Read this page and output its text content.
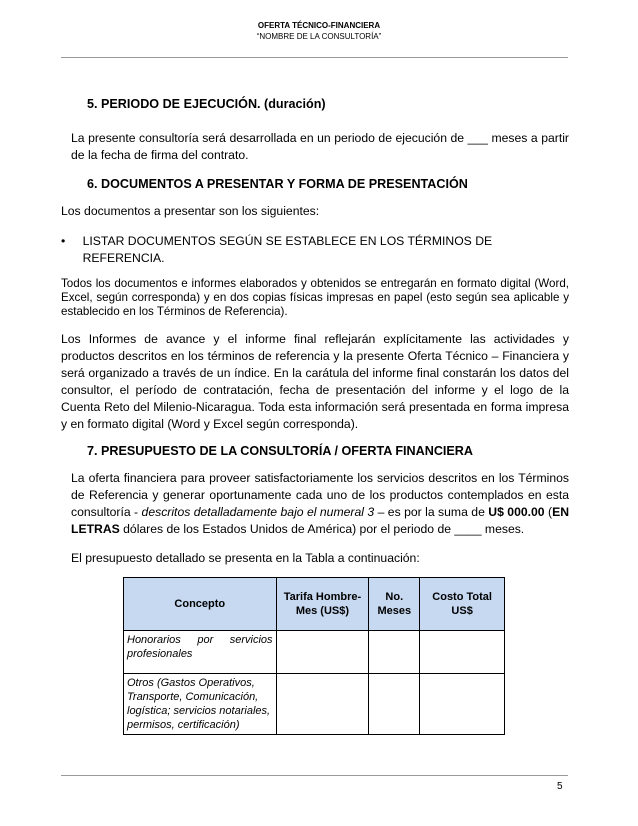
OFERTA TÉCNICO-FINANCIERA
“NOMBRE DE LA CONSULTORÍA”
5. PERIODO DE EJECUCIÓN. (duración)

La presente consultoría será desarrollada en un periodo de ejecución de ___ meses a partir de la fecha de firma del contrato.

6. DOCUMENTOS A PRESENTAR Y FORMA DE PRESENTACIÓN

Los documentos a presentar son los siguientes:

•	LISTAR DOCUMENTOS SEGÚN SE ESTABLECE EN LOS TÉRMINOS DE REFERENCIA.

Todos los documentos e informes elaborados y obtenidos se entregarán en formato digital (Word, Excel, según corresponda) y en dos copias físicas impresas en papel (esto según sea aplicable y establecido en los Términos de Referencia).

Los Informes de avance y el informe final reflejarán explícitamente las actividades y productos descritos en los términos de referencia y la presente Oferta Técnico – Financiera y será organizado a través de un índice. En la carátula del informe final constarán los datos del consultor, el período de contratación, fecha de presentación del informe y el logo de la Cuenta Reto del Milenio-Nicaragua. Toda esta información será presentada en forma impresa y en formato digital (Word y Excel según corresponda).

7. PRESUPUESTO DE LA CONSULTORÍA / OFERTA FINANCIERA

La oferta financiera para proveer satisfactoriamente los servicios descritos en los Términos de Referencia y generar oportunamente cada uno de los productos contemplados en esta consultoría - descritos detalladamente bajo el numeral 3 – es por la suma de U$ 000.00 (EN LETRAS dólares de los Estados Unidos de América) por el periodo de ____ meses.

El presupuesto detallado se presenta en la Tabla a continuación:

Concepto	Tarifa Hombre-Mes (US$)	No. Meses	Costo Total US$
Honorarios por servicios profesionales			
Otros (Gastos Operativos, Transporte, Comunicación, logística; servicios notariales, permisos, certificación)			
5
